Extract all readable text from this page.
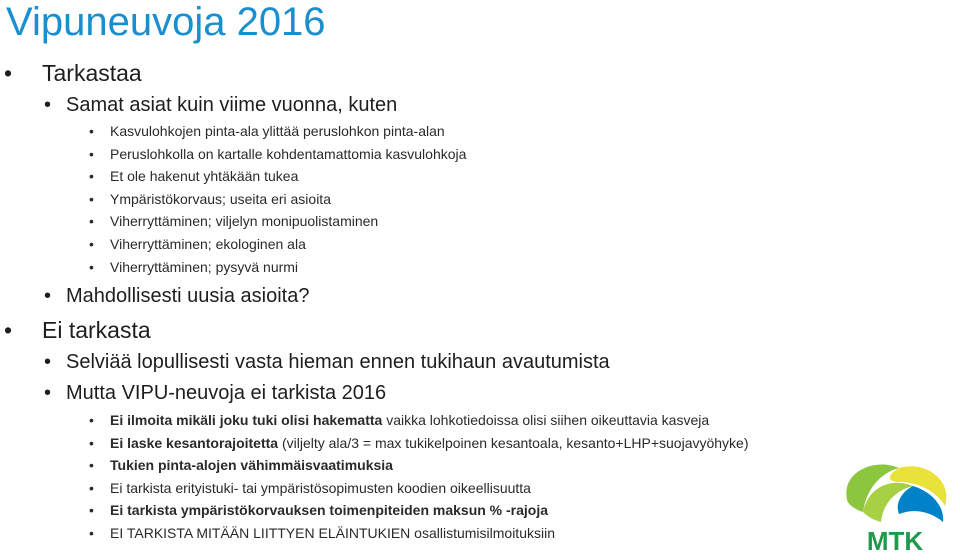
Vipuneuvoja 2016
• Tarkastaa
• Samat asiat kuin viime vuonna, kuten
• Kasvulohkojen pinta-ala ylittää peruslohkon pinta-alan
• Peruslohkolla on kartalle kohdentamattomia kasvulohkoja
• Et ole hakenut yhtäkään tukea
• Ympäristökorvaus; useita eri asioita
• Viherryttäminen; viljelyn monipuolistaminen
• Viherryttäminen; ekologinen ala
• Viherryttäminen; pysyvä nurmi
• Mahdollisesti uusia asioita?
• Ei tarkasta
• Selviää lopullisesti vasta hieman ennen tukihaun avautumista
• Mutta VIPU-neuvoja ei tarkista 2016
• Ei ilmoita mikäli joku tuki olisi hakematta vaikka lohkotiedoissa olisi siihen oikeuttavia kasveja
• Ei laske kesantorajoitetta (viljelty ala/3 = max tukikelpoinen kesantoala, kesanto+LHP+suojavyöhyke)
• Tukien pinta-alojen vähimmäisvaatimuksia
• Ei tarkista erityistuki- tai ympäristösopimusten koodien oikeellisuutta
• Ei tarkista ympäristökorvauksen toimenpiteiden maksun % -rajoja
• EI TARKISTA MITÄÄN LIITTYEN ELÄINTUKIEN osallistumisilmoituksiin	MTK
